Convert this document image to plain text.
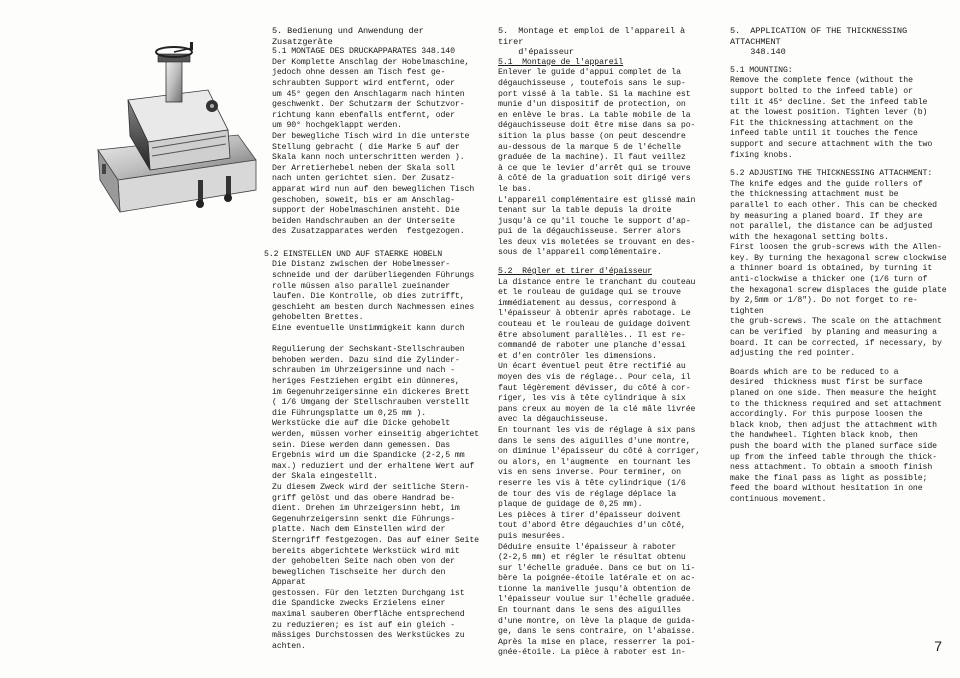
5. Bedienung und Anwendung der Zusatzgeräte

5.1 MONTAGE DES DRUCKAPPARATES 348.140

Der Komplette Anschlag der Hobelmaschine,
jedoch ohne dessen am Tisch fest ge-
schraubten Support wird entfernt, oder
um 45° gegen den Anschlagarm nach hinten
geschwenkt. Der Schutzarm der Schutzvor-
richtung kann ebenfalls entfernt, oder
um 90° hochgeklappt werden.
Der bewegliche Tisch wird in die unterste
Stellung gebracht ( die Marke 5 auf der
Skala kann noch unterschritten werden ).
Der Arretierhebel neben der Skala soll
nach unten gerichtet sien. Der Zusatz-
apparat wird nun auf den beweglichen Tisch
geschoben, soweit, bis er am Anschlag-
support der Hobelmaschinen ansteht. Die
beiden Handschrauben an der Unterseite
des Zusatzapparates werden  festgezogen.

5.2 EINSTELLEN UND AUF STAERKE HOBELN

Die Distanz zwischen der Hobelmesser-
schneide und der darüberliegenden Führungs
rolle müssen also parallel zueinander
laufen. Die Kontrolle, ob dies zutrifft,
geschieht am besten durch Nachmessen eines
gehobelten Brettes.
Eine eventuelle Unstimmigkeit kann durch

Regulierung der Sechskant-Stellschrauben
behoben werden. Dazu sind die Zylinder-
schrauben im Uhrzeigersinne und nach -
heriges Festziehen ergibt ein dünneres,
im Gegenuhrzeigersinne ein dickeres Brett
( 1/6 Umgang der Stellschrauben verstellt
die Führungsplatte um 0,25 mm ).
Werkstücke die auf die Dicke gehobelt
werden, müssen vorher einseitig abgerichtet
sein. Diese werden dann gemessen. Das
Ergebnis wird um die Spandicke (2-2,5 mm
max.) reduziert und der erhaltene Wert auf
der Skala eingestellt.
Zu diesem Zweck wird der seitliche Stern-
griff gelöst und das obere Handrad be-
dient. Drehen im Uhrzeigersinn hebt, im
Gegenuhrzeigersinn senkt die Führungs-
platte. Nach dem Einstellen wird der
Sterngriff festgezogen. Das auf einer Seite
bereits abgerichtete Werkstück wird mit
der gehobelten Seite nach oben von der
beweglichen Tischseite her durch den Apparat
gestossen. Für den letzten Durchgang ist
die Spandicke zwecks Erzielens einer
maximal sauberen Oberfläche entsprechend
zu reduzieren; es ist auf ein gleich -
mässiges Durchstossen des Werkstückes zu
achten.

5.  Montage et emploi de l'appareil à tirer
d'épaisseur

5.1  Montage de l'appareil

Enlever le guide d'appui complet de la
dégauchisseuse , toutefois sans le sup-
port vissé à la table. Si la machine est
munie d'un dispositif de protection, on
en enlève le bras. La table mobile de la
dégauchisseuse doit être mise dans sa po-
sition la plus basse (on peut descendre
au-dessous de la marque 5 de l'échelle
graduée de la machine). Il faut veillez
à ce que le levier d'arrêt qui se trouve
à côté de la graduation soit dirigé vers
le bas.
L'appareil complémentaire est glissé main
tenant sur la table depuis la droite
jusqu'à ce qu'il touche le support d'ap-
pui de la dégauchisseuse. Serrer alors
les deux vis moletées se trouvant en des-
sous de l'appareil complémentaire.

5.2  Régler et tirer d'épaisseur

La distance entre le tranchant du couteau
et le rouleau de guidage qui se trouve
immédiatement au dessus, correspond à
l'épaisseur à obtenir après rabotage. Le
couteau et le rouleau de guidage doivent
être absolument parallèles.. Il est re-
commandé de raboter une planche d'essai
et d'en contrôler les dimensions.
Un écart éventuel peut être rectifié au
moyen des vis de réglage.. Pour cela, il
faut légèrement dévisser, du côté à cor-
riger, les vis à tête cylindrique à six
pans creux au moyen de la clé mâle livrée
avec la dégauchisseuse.
En tournant les vis de réglage à six pans
dans le sens des aiguilles d'une montre,
on diminue l'épaisseur du côté à corriger,
ou alors, en l'augmente  en tournant les
vis en sens inverse. Pour terminer, on
reserre les vis à tête cylindrique (1/6
de tour des vis de réglage déplace la
plaque de guidage de 0,25 mm).
Les pièces à tirer d'épaisseur doivent
tout d'abord être dégauchies d'un côté,
puis mesurées.
Déduire ensuite l'épaisseur à raboter
(2-2,5 mm) et régler le résultat obtenu
sur l'échelle graduée. Dans ce but on li-
bère la poignée-étoile latérale et on ac-
tionne la manivelle jusqu'à obtention de
l'épaisseur voulue sur l'échelle graduée.
En tournant dans le sens des aiguilles
d'une montre, on lève la plaque de guida-
ge, dans le sens contraire, on l'abaisse.
Après la mise en place, resserrer la poi-
gnée-étoile. La pièce à raboter est in-

5.  APPLICATION OF THE THICKNESSING ATTACHMENT
348.140

5.1 MOUNTING:

Remove the complete fence (without the
support bolted to the infeed table) or
tilt it 45° decline. Set the infeed table
at the lowest position. Tighten lever (b)
Fit the thicknessing attachment on the
infeed table until it touches the fence
support and secure attachment with the two
fixing knobs.

5.2 ADJUSTING THE THICKNESSING ATTACHMENT:

The knife edges and the guide rollers of
the thicknessing attachment must be
parallel to each other. This can be checked
by measuring a planed board. If they are
not parallel, the distance can be adjusted
with the hexagonal setting bolts.
First loosen the grub-screws with the Allen-
key. By turning the hexagonal screw clockwise
a thinner board is obtained, by turning it
anti-clockwise a thicker one (1/6 turn of
the hexagonal screw displaces the guide plate
by 2,5mm or 1/8"). Do not forget to re-tighten
the grub-screws. The scale on the attachment
can be verified  by planing and measuring a
board. It can be corrected, if necessary, by
adjusting the red pointer.

Boards which are to be reduced to a
desired  thickness must first be surface
planed on one side. Then measure the height
to the thickness required and set attachment
accordingly. For this purpose loosen the
black knob, then adjust the attachment with
the handwheel. Tighten black knob, then
push the board with the planed surface side
up from the infeed table through the thick-
ness attachment. To obtain a smooth finish
make the final pass as light as possible;
feed the board without hesitation in one
continuous movement.

7
